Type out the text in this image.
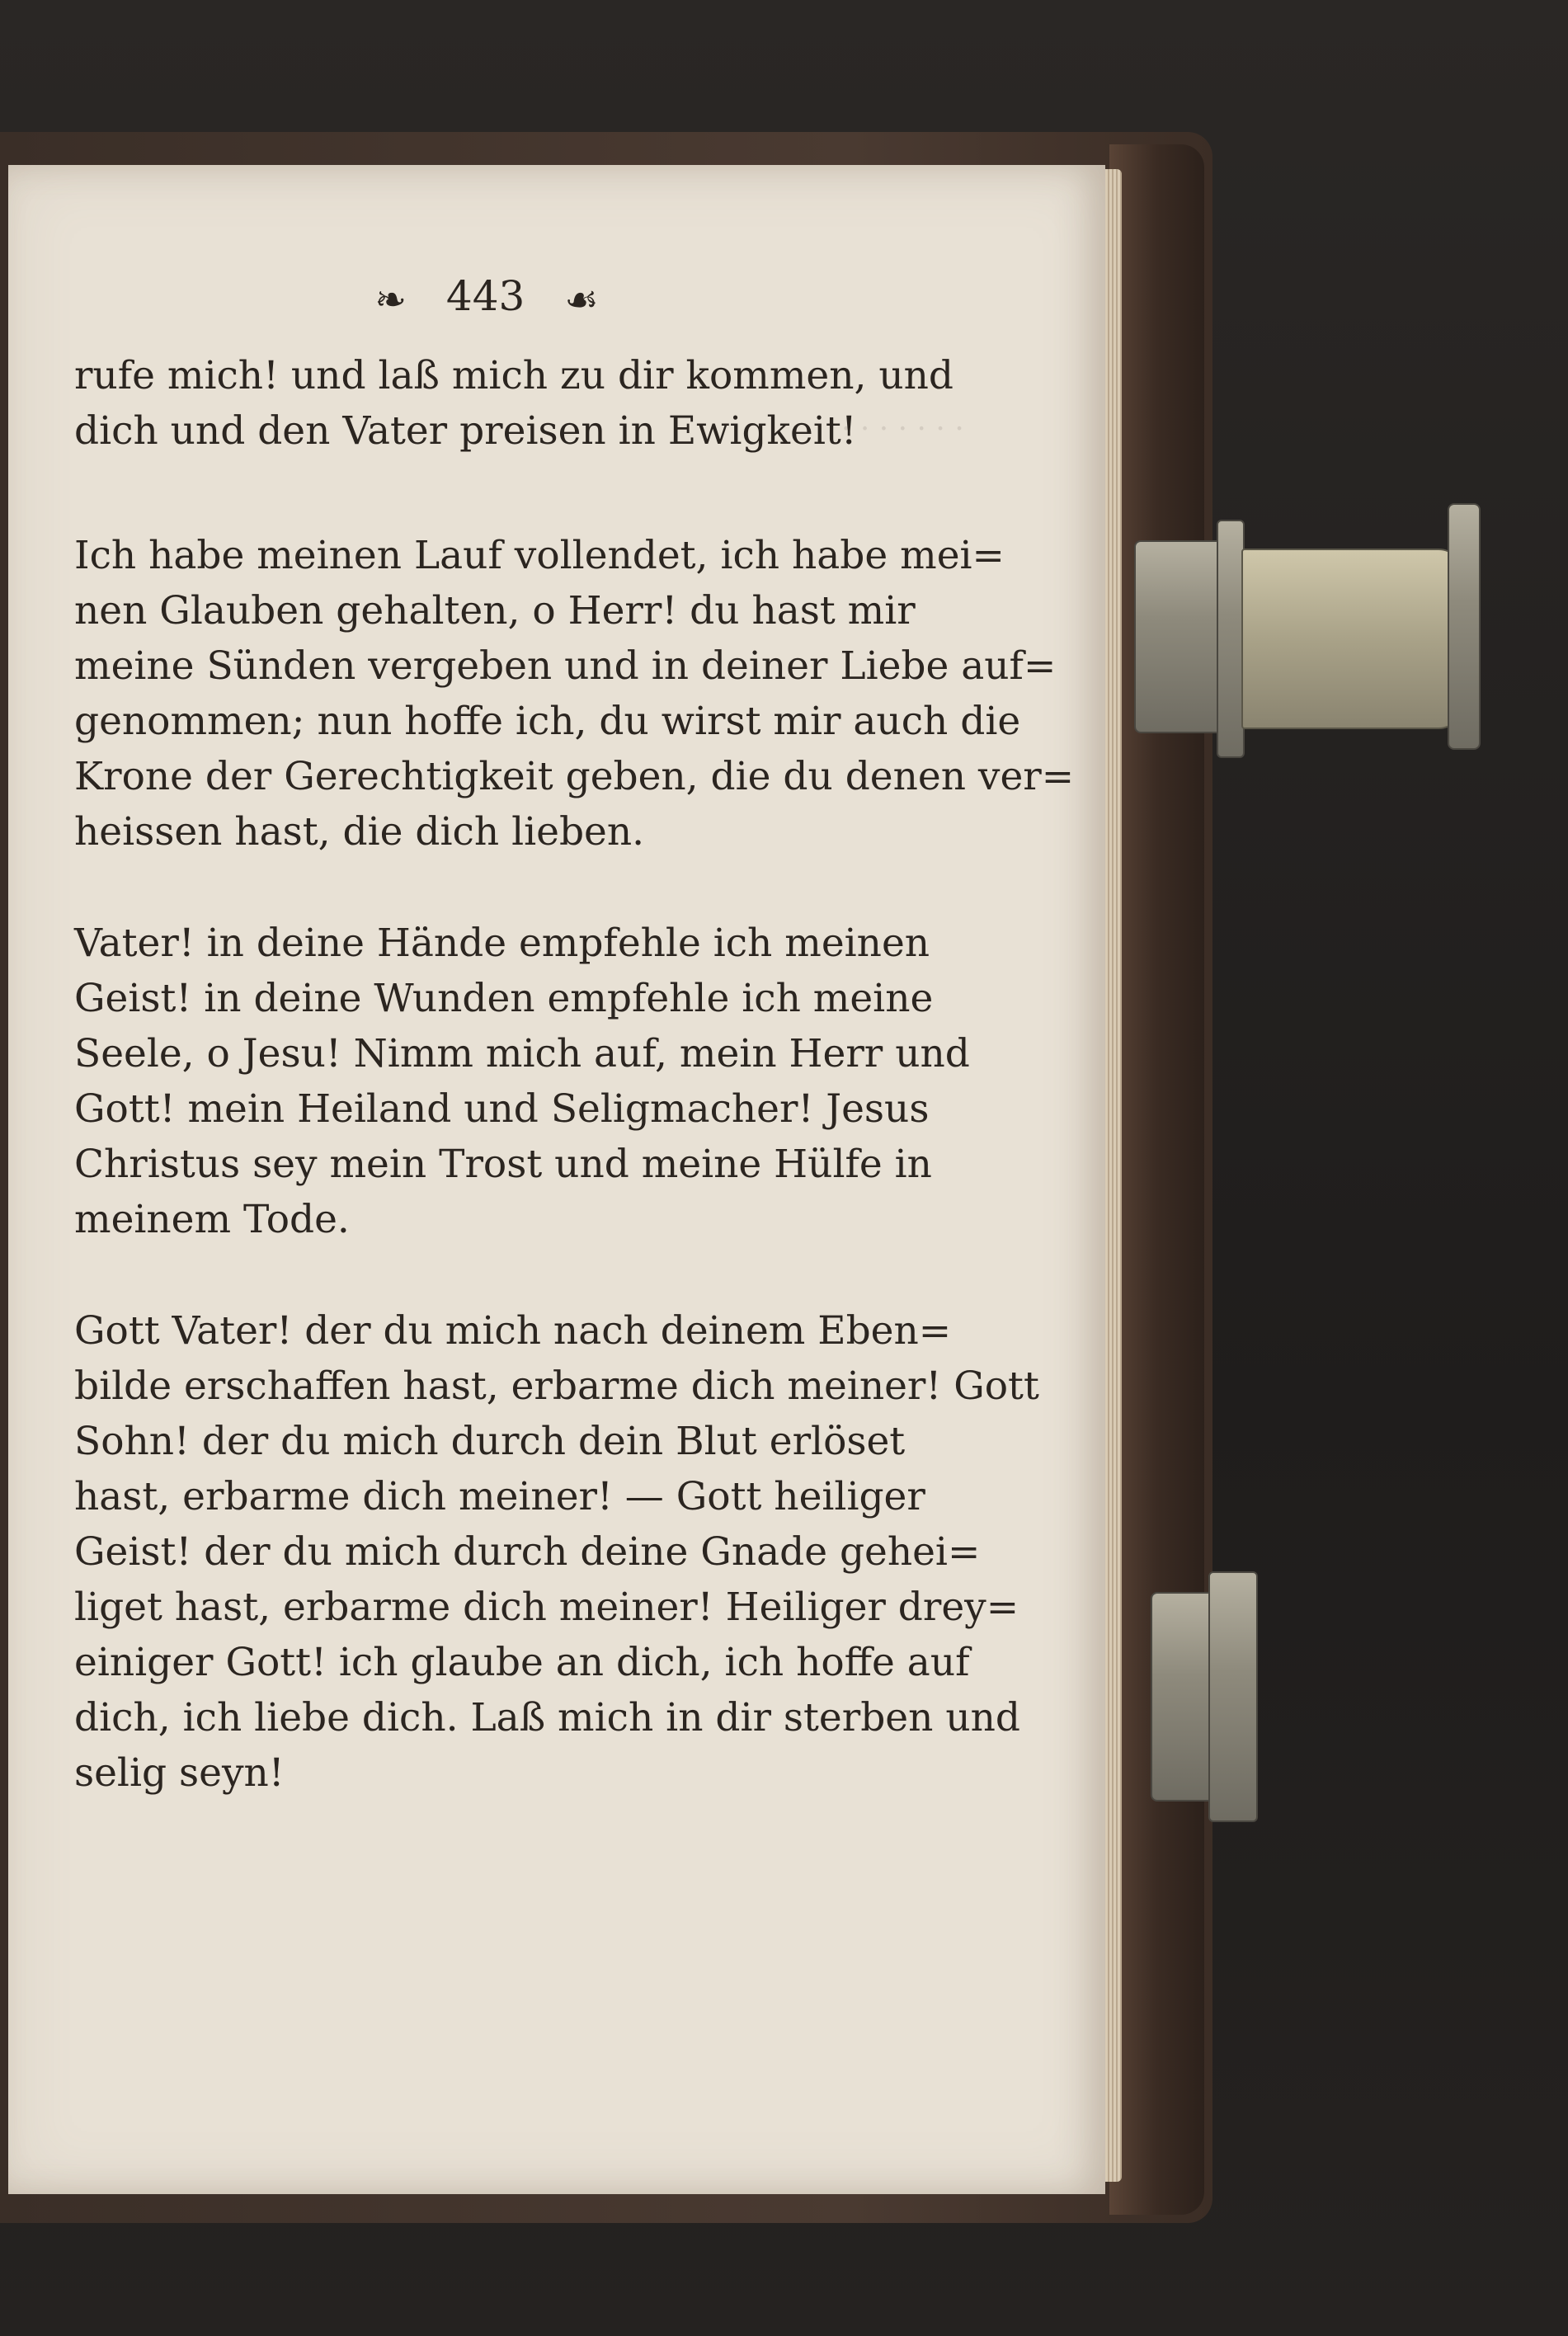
· · · · · · ·
❧ 443 ☙
rufe mich! und laß mich zu dir kommen, und
dich und den Vater preisen in Ewigkeit!
Ich habe meinen Lauf vollendet, ich habe mei=
nen Glauben gehalten, o Herr! du hast mir
meine Sünden vergeben und in deiner Liebe auf=
genommen; nun hoffe ich, du wirst mir auch die
Krone der Gerechtigkeit geben, die du denen ver=
heissen hast, die dich lieben.
Vater! in deine Hände empfehle ich meinen
Geist! in deine Wunden empfehle ich meine
Seele, o Jesu! Nimm mich auf, mein Herr und
Gott! mein Heiland und Seligmacher! Jesus
Christus sey mein Trost und meine Hülfe in
meinem Tode.
Gott Vater! der du mich nach deinem Eben=
bilde erschaffen hast, erbarme dich meiner! Gott
Sohn! der du mich durch dein Blut erlöset
hast, erbarme dich meiner! — Gott heiliger
Geist! der du mich durch deine Gnade gehei=
liget hast, erbarme dich meiner! Heiliger drey=
einiger Gott! ich glaube an dich, ich hoffe auf
dich, ich liebe dich. Laß mich in dir sterben und
selig seyn!
